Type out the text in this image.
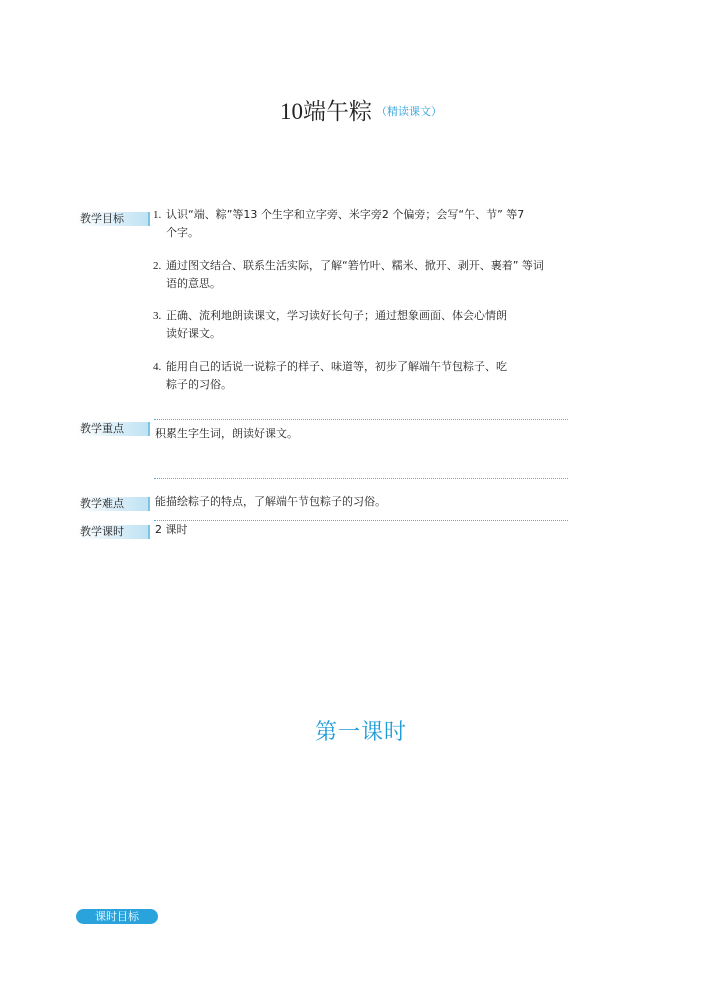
10端午粽 $^{(精读课文)}$
教学目标	1. 认识“端、粽”等13 个生字和立字旁、米字旁2 个偏旁；会写“午、节” 等7
个字。
2. 通过图文结合、联系生活实际，了解“箬竹叶、糯米、掀开、剥开、裹着” 等词
语的意思。
3. 正确、流利地朗读课文，学习读好长句子；通过想象画面、体会心情朗
读好课文。
4. 能用自己的话说一说粽子的样子、味道等，初步了解端午节包粽子、吃
粽子的习俗。
教学重点	积累生字生词，朗读好课文。
教学难点	能描绘粽子的特点，了解端午节包粽子的习俗。
教学课时	2 课时
第一课时
课时目标
